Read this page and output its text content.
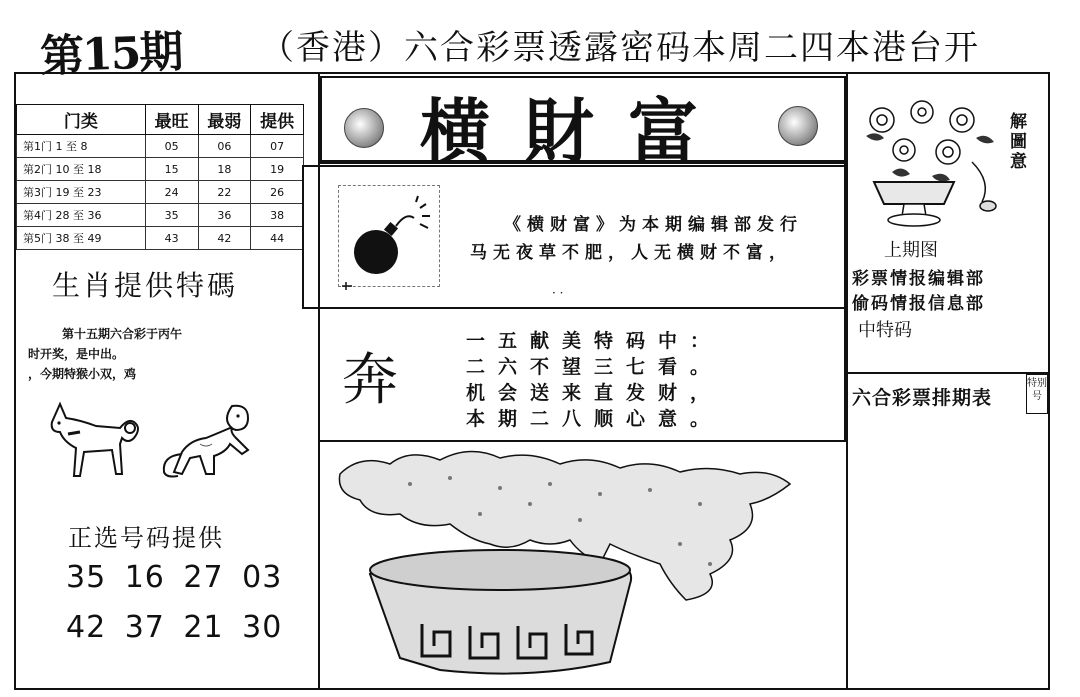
第15期 （香港）六合彩票透露密码本周二四本港台开
门类	最旺	最弱	提供
第1门 1 至 8	05	06	07
第2门 10 至 18	15	18	19
第3门 19 至 23	24	22	26
第4门 28 至 36	35	36	38
第5门 38 至 49	43	42	44
生肖提供特碼
第十五期六合彩于丙午
时开奖，是中出。
，今期特猴小双，鸡
正选号码提供
35 16 27 03
42 37 21 30
横財富
《横财富》为本期编辑部发行
马无夜草不肥，人无横财不富，
· ·
奔
一五献美特码中：
二六不望三七看。
机会送来直发财，
本期二八顺心意。
解圖意
上期图
彩票情报编辑部
偷码情报信息部
中特码
六合彩票排期表
特别号
